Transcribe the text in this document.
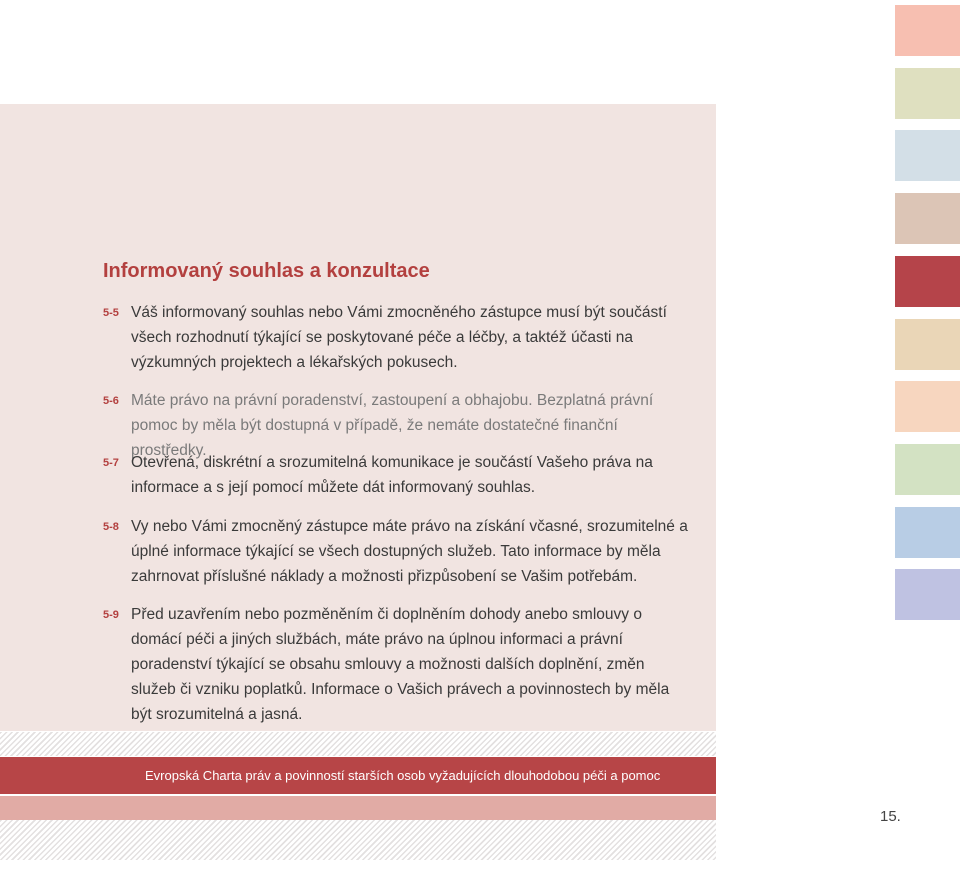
Informovaný souhlas a konzultace
5-5 Váš informovaný souhlas nebo Vámi zmocněného zástupce musí být součástí všech rozhodnutí týkající se poskytované péče a léčby, a taktéž účasti na výzkumných projektech a lékařských pokusech.
5-6 Máte právo na právní poradenství, zastoupení a obhajobu. Bezplatná právní pomoc by měla být dostupná v případě, že nemáte dostatečné finanční prostředky.
5-7 Otevřená, diskrétní a srozumitelná komunikace je součástí Vašeho práva na informace a s její pomocí můžete dát informovaný souhlas.
5-8 Vy nebo Vámi zmocněný zástupce máte právo na získání včasné, srozumitelné a úplné informace týkající se všech dostupných služeb. Tato informace by měla zahrnovat příslušné náklady a možnosti přizpůsobení se Vašim potřebám.
5-9 Před uzavřením nebo pozměněním či doplněním dohody anebo smlouvy o domácí péči a jiných službách, máte právo na úplnou informaci a právní poradenství týkající se obsahu smlouvy a možnosti dalších doplnění, změn služeb či vzniku poplatků. Informace o Vašich právech a povinnostech by měla být srozumitelná a jasná.
Evropská Charta práv a povinností starších osob vyžadujících dlouhodobou péči a pomoc
15.
